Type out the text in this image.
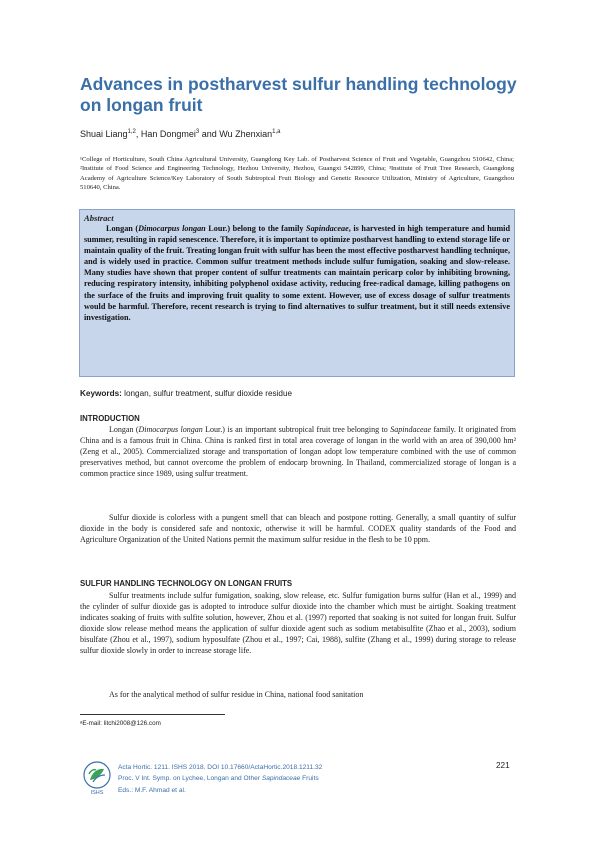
Advances in postharvest sulfur handling technology on longan fruit
Shuai Liang$^{1,2}$, Han Dongmei$^3$ and Wu Zhenxian$^{1,a}$

¹College of Horticulture, South China Agricultural University, Guangdong Key Lab. of Postharvest Science of Fruit and Vegetable, Guangzhou 510642, China; ²Institute of Food Science and Engineering Technology, Hezhou University, Hezhou, Guangxi 542899, China; ³Institute of Fruit Tree Research, Guangdong Academy of Agriculture Science/Key Laboratory of South Subtropical Fruit Biology and Genetic Resource Utilization, Ministry of Agriculture, Guangzhou 510640, China.

Abstract

Longan (Dimocarpus longan Lour.) belong to the family Sapindaceae, is harvested in high temperature and humid summer, resulting in rapid senescence. Therefore, it is important to optimize postharvest handling to extend storage life or maintain quality of the fruit. Treating longan fruit with sulfur has been the most effective postharvest handling technique, and is widely used in practice. Common sulfur treatment methods include sulfur fumigation, soaking and slow-release. Many studies have shown that proper content of sulfur treatments can maintain pericarp color by inhibiting browning, reducing respiratory intensity, inhibiting polyphenol oxidase activity, reducing free-radical damage, killing pathogens on the surface of the fruits and improving fruit quality to some extent. However, use of excess dosage of sulfur treatments would be harmful. Therefore, recent research is trying to find alternatives to sulfur treatment, but it still needs extensive investigation.

Keywords: longan, sulfur treatment, sulfur dioxide residue
INTRODUCTION

Longan (Dimocarpus longan Lour.) is an important subtropical fruit tree belonging to Sapindaceae family. It originated from China and is a famous fruit in China. China is ranked first in total area coverage of longan in the world with an area of 390,000 hm² (Zeng et al., 2005). Commercialized storage and transportation of longan adopt low temperature combined with the use of common preservatives method, but cannot overcome the problem of endocarp browning. In Thailand, commercialized storage of longan is a common practice since 1989, using sulfur treatment.

Sulfur dioxide is colorless with a pungent smell that can bleach and postpone rotting. Generally, a small quantity of sulfur dioxide in the body is considered safe and nontoxic, otherwise it will be harmful. CODEX quality standards of the Food and Agriculture Organization of the United Nations permit the maximum sulfur residue in the flesh to be 10 ppm.

SULFUR HANDLING TECHNOLOGY ON LONGAN FRUITS

Sulfur treatments include sulfur fumigation, soaking, slow release, etc. Sulfur fumigation burns sulfur (Han et al., 1999) and the cylinder of sulfur dioxide gas is adopted to introduce sulfur dioxide into the chamber which must be airtight. Soaking treatment indicates soaking of fruits with sulfite solution, however, Zhou et al. (1997) reported that soaking is not suited for longan fruit. Sulfur dioxide slow release method means the application of sulfur dioxide agent such as sodium metabisulfite (Zhao et al., 2003), sodium bisulfate (Zhou et al., 1997), sodium hyposulfate (Zhou et al., 1997; Cai, 1988), sulfite (Zhang et al., 1999) during storage to release sulfur dioxide slowly in order to increase storage life.

As for the analytical method of sulfur residue in China, national food sanitation

ᵃE-mail: litchi2008@126.com
ISHS
Acta Hortic. 1211. ISHS 2018. DOI 10.17660/ActaHortic.2018.1211.32
Proc. V Int. Symp. on Lychee, Longan and Other Sapindaceae Fruits
Eds.: M.F. Ahmad et al.
221
